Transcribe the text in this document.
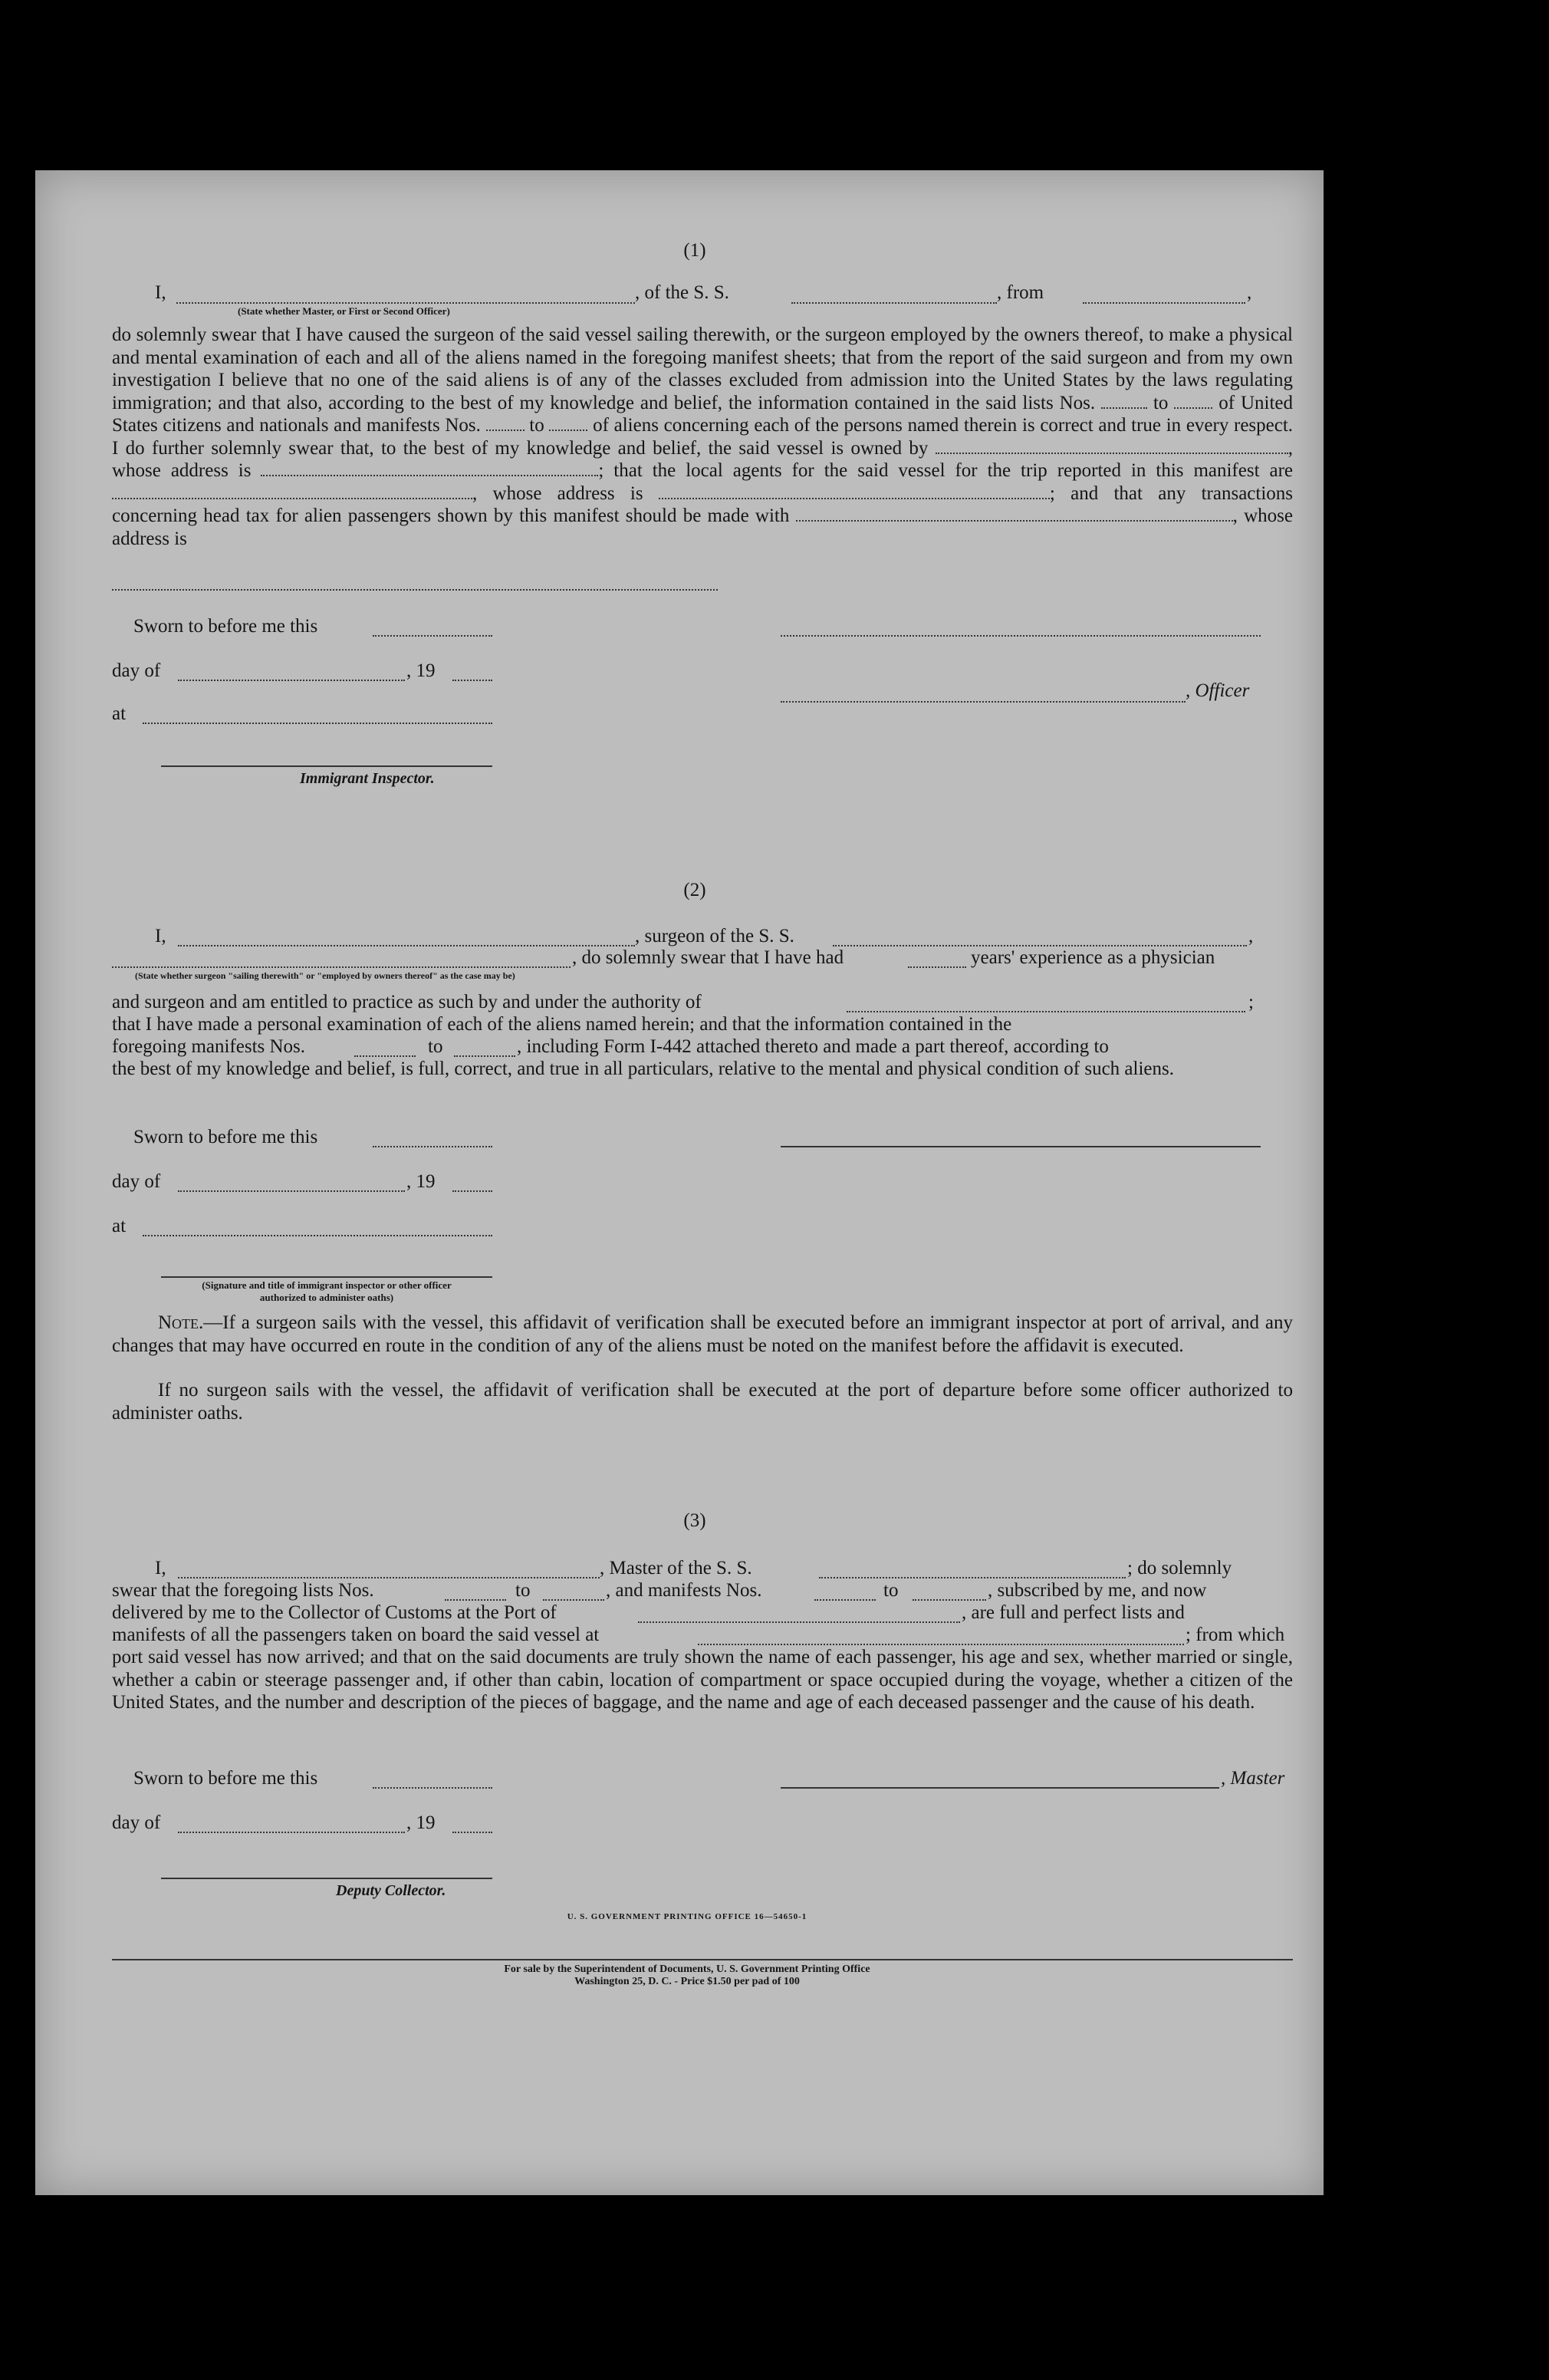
(1)
I,	, of the S. S.	, from	,
(State whether Master, or First or Second Officer)
do solemnly swear that I have caused the surgeon of the said vessel sailing therewith, or the surgeon employed by the owners thereof, to make a physical and mental examination of each and all of the aliens named in the foregoing manifest sheets; that from the report of the said surgeon and from my own investigation I believe that no one of the said aliens is of any of the classes excluded from admission into the United States by the laws regulating immigration; and that also, according to the best of my knowledge and belief, the information contained in the said lists Nos.	to	of United States citizens and nationals and manifests Nos.	to	of aliens concerning each of the persons named therein is correct and true in every respect. I do further solemnly swear that, to the best of my knowledge and belief, the said vessel is owned by	, whose address is	; that the local agents for the said vessel for the trip reported in this manifest are , whose address is	; and that any transactions concerning head tax for alien passengers shown by this manifest should be made with	, whose address is
Sworn to before me this
day of	, 19
, Officer
at
Immigrant Inspector.
(2)
I,	, surgeon of the S. S.	,
, do solemnly swear that I have had	years' experience as a physician
(State whether surgeon "sailing therewith" or "employed by owners thereof" as the case may be)
and surgeon and am entitled to practice as such by and under the authority of	;
that I have made a personal examination of each of the aliens named herein; and that the information contained in the
foregoing manifests Nos.	to	, including Form I-442 attached thereto and made a part thereof, according to
the best of my knowledge and belief, is full, correct, and true in all particulars, relative to the mental and physical condition of such aliens.
Sworn to before me this
day of	, 19
at
(Signature and title of immigrant inspector or other officer authorized to administer oaths)
Note.—If a surgeon sails with the vessel, this affidavit of verification shall be executed before an immigrant inspector at port of arrival, and any changes that may have occurred en route in the condition of any of the aliens must be noted on the manifest before the affidavit is executed.
If no surgeon sails with the vessel, the affidavit of verification shall be executed at the port of departure before some officer authorized to administer oaths.
(3)
I,	, Master of the S. S.	; do solemnly
swear that the foregoing lists Nos.	to	, and manifests Nos.	to	, subscribed by me, and now
delivered by me to the Collector of Customs at the Port of	, are full and perfect lists and
manifests of all the passengers taken on board the said vessel at	; from which
port said vessel has now arrived; and that on the said documents are truly shown the name of each passenger, his age and sex, whether married or single, whether a cabin or steerage passenger and, if other than cabin, location of compartment or space occupied during the voyage, whether a citizen of the United States, and the number and description of the pieces of baggage, and the name and age of each deceased passenger and the cause of his death.
Sworn to before me this	, Master
day of	, 19
Deputy Collector.
U. S. GOVERNMENT PRINTING OFFICE 16—54650-1
For sale by the Superintendent of Documents, U. S. Government Printing Office
Washington 25, D. C. - Price $1.50 per pad of 100
